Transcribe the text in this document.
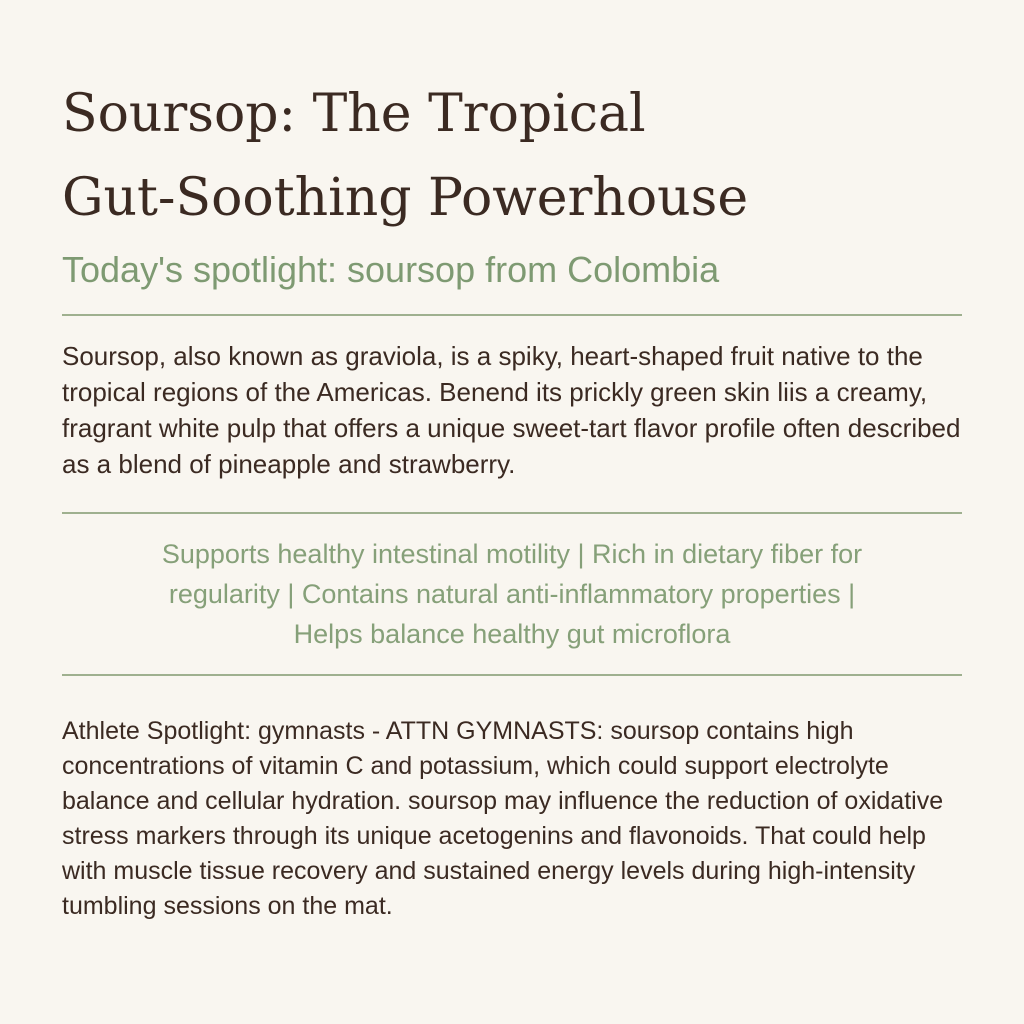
Soursop: The Tropical
Gut-Soothing Powerhouse

Today's spotlight: soursop from Colombia

Soursop, also known as graviola, is a spiky, heart-shaped fruit native to the tropical regions of the Americas. Benend its prickly green skin liis a creamy, fragrant white pulp that offers a unique sweet-tart flavor profile often described as a blend of pineapple and strawberry.

Supports healthy intestinal motility | Rich in dietary fiber for
regularity | Contains natural anti-inflammatory properties |
Helps balance healthy gut microflora

Athlete Spotlight: gymnasts - ATTN GYMNASTS: soursop contains high concentrations of vitamin C and potassium, which could support electrolyte balance and cellular hydration. soursop may influence the reduction of oxidative stress markers through its unique acetogenins and flavonoids. That could help with muscle tissue recovery and sustained energy levels during high-intensity tumbling sessions on the mat.
